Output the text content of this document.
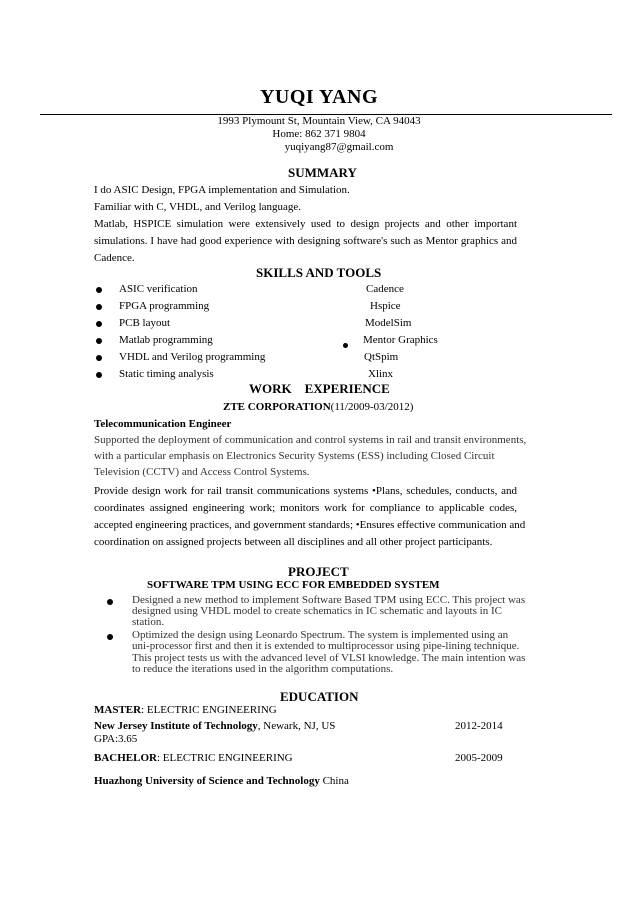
YUQI YANG
1993 Plymount St, Mountain View, CA 94043
Home: 862 371 9804
yuqiyang87@gmail.com
SUMMARY
I do ASIC Design, FPGA implementation and Simulation.
Familiar with C, VHDL, and Verilog language.
Matlab, HSPICE simulation were extensively used to design projects and other important
simulations. I have had good experience with designing software's such as Mentor graphics and
Cadence.
SKILLS AND TOOLS
ASIC verification	Cadence
FPGA programming	Hspice
PCB layout	ModelSim
Matlab programming	Mentor Graphics
VHDL and Verilog programming	QtSpim
Static timing analysis	Xlinx
WORK    EXPERIENCE
ZTE CORPORATION(11/2009-03/2012)
Telecommunication Engineer
Supported the deployment of communication and control systems in rail and transit environments,
with a particular emphasis on Electronics Security Systems (ESS) including Closed Circuit
Television (CCTV) and Access Control Systems.
Provide design work for rail transit communications systems •Plans, schedules, conducts, and
coordinates assigned engineering work; monitors work for compliance to applicable codes,
accepted engineering practices, and government standards; •Ensures effective communication and
coordination on assigned projects between all disciplines and all other project participants.
PROJECT
SOFTWARE TPM USING ECC FOR EMBEDDED SYSTEM
Designed a new method to implement Software Based TPM using ECC. This project was
designed using VHDL model to create schematics in IC schematic and layouts in IC
station.
Optimized the design using Leonardo Spectrum. The system is implemented using an
uni-processor first and then it is extended to multiprocessor using pipe-lining technique.
This project tests us with the advanced level of VLSI knowledge. The main intention was
to reduce the iterations used in the algorithm computations.
EDUCATION
MASTER: ELECTRIC ENGINEERING
New Jersey Institute of Technology, Newark, NJ, US	2012-2014
GPA:3.65
BACHELOR: ELECTRIC ENGINEERING	2005-2009
Huazhong University of Science and Technology China
